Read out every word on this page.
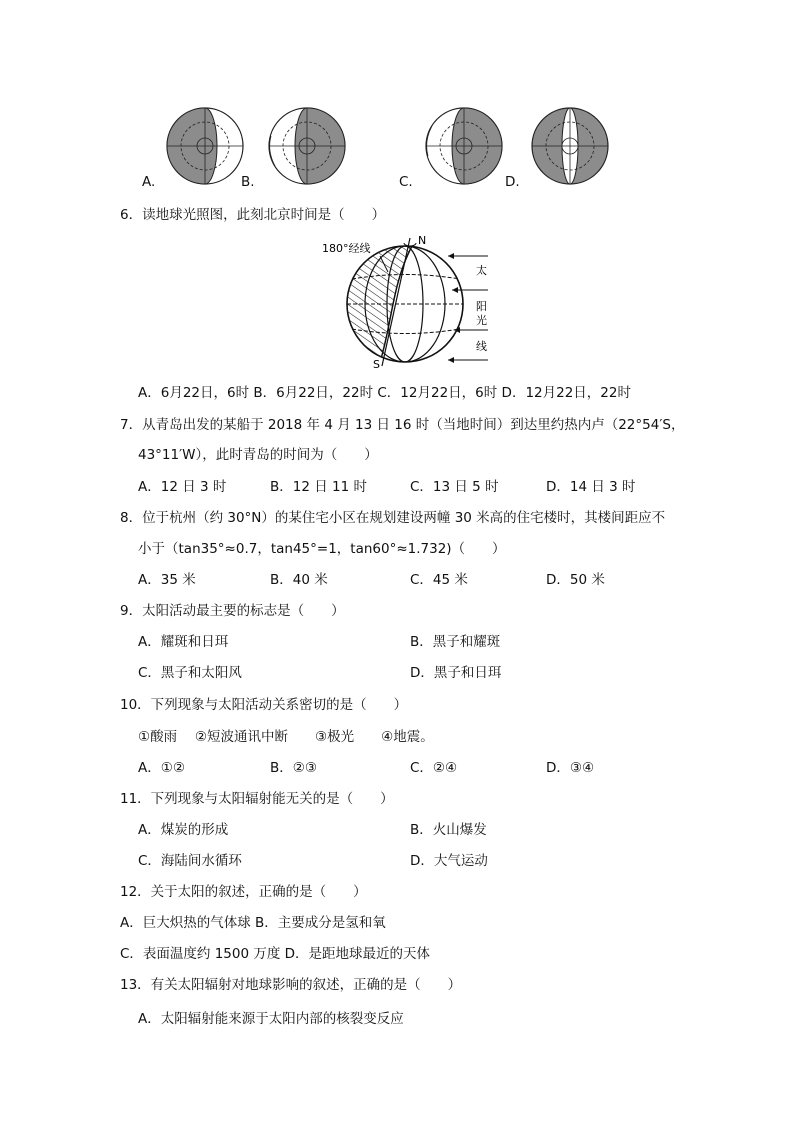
A.	B.	C.	D.
6．读地球光照图，此刻北京时间是（　　）
180°经线
N
S
太
阳
光
线
A．6月22日，6时 B．6月22日，22时 C．12月22日，6时 D．12月22日，22时
7．从青岛出发的某船于 2018 年 4 月 13 日 16 时（当地时间）到达里约热内卢（22°54′S，
43°11′W），此时青岛的时间为（　　）
A．12 日 3 时	B．12 日 11 时	C．13 日 5 时	D．14 日 3 时
8．位于杭州（约 30°N）的某住宅小区在规划建设两幢 30 米高的住宅楼时，其楼间距应不
小于（tan35°≈0.7，tan45°=1，tan60°≈1.732)（　　）
A．35 米	B．40 米	C．45 米	D．50 米
9．太阳活动最主要的标志是（　　）
A．耀斑和日珥	B．黑子和耀斑
C．黑子和太阳风	D．黑子和日珥
10．下列现象与太阳活动关系密切的是（　　）
①酸雨　 ②短波通讯中断　　③极光　　④地震。
A．①②	B．②③	C．②④	D．③④
11．下列现象与太阳辐射能无关的是（　　）
A．煤炭的形成	B．火山爆发
C．海陆间水循环	D．大气运动
12．关于太阳的叙述，正确的是（　　）
A．巨大炽热的气体球 B．主要成分是氢和氧
C．表面温度约 1500 万度 D．是距地球最近的天体
13．有关太阳辐射对地球影响的叙述，正确的是（　　）
A．太阳辐射能来源于太阳内部的核裂变反应
